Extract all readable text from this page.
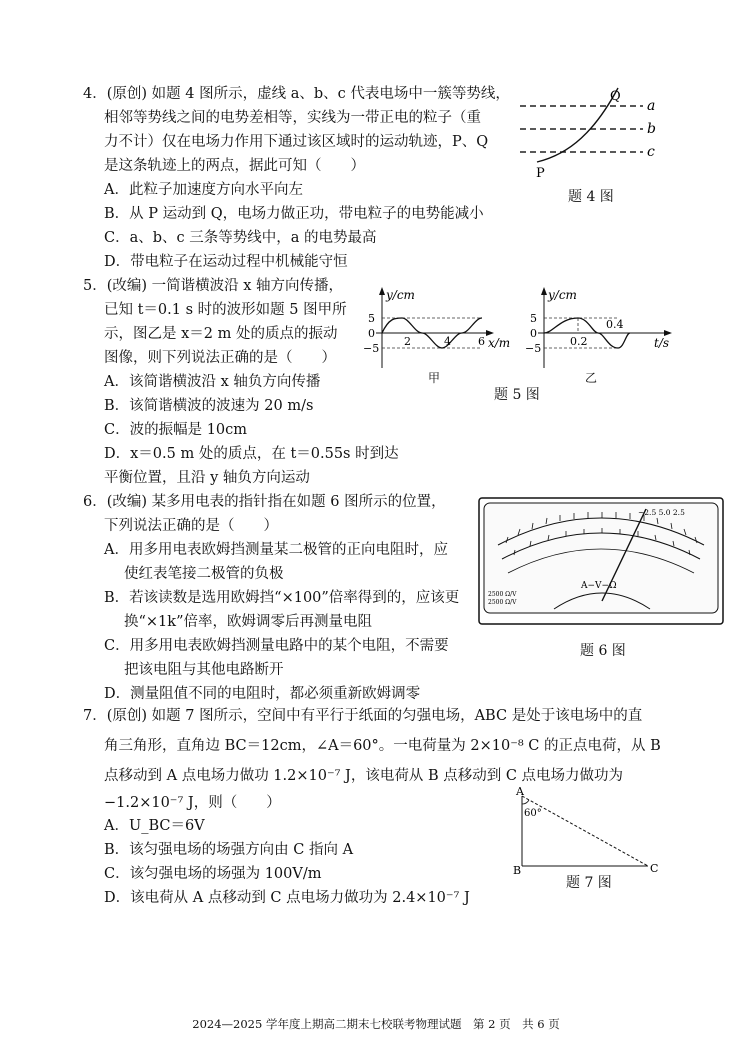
4．(原创) 如题 4 图所示，虚线 a、b、c 代表电场中一簇等势线，
相邻等势线之间的电势差相等，实线为一带正电的粒子（重
力不计）仅在电场力作用下通过该区域时的运动轨迹，P、Q
是这条轨迹上的两点，据此可知（　　）
A．此粒子加速度方向水平向左
B．从 P 运动到 Q，电场力做正功，带电粒子的电势能减小
C．a、b、c 三条等势线中，a 的电势最高
D．带电粒子在运动过程中机械能守恒
a
b
c
Q
P
题 4 图
5．(改编) 一简谐横波沿 x 轴方向传播，
已知 t＝0.1 s 时的波形如题 5 图甲所
示，图乙是 x＝2 m 处的质点的振动
图像，则下列说法正确的是（　　）
A．该简谐横波沿 x 轴负方向传播
B．该简谐横波的波速为 20 m/s
C．波的振幅是 10cm
D．x＝0.5 m 处的质点，在 t＝0.55s 时到达
平衡位置，且沿 y 轴负方向运动
y/cm
5
0
−5
2	4 6 x/m
甲
y/cm
5
0
−5
0.2
0.4
t/s
乙
题 5 图
6．(改编) 某多用电表的指针指在如题 6 图所示的位置，
下列说法正确的是（　　）
A．用多用电表欧姆挡测量某二极管的正向电阻时，应
使红表笔接二极管的负极
B．若该读数是选用欧姆挡“×100”倍率得到的，应该更
换“×1k”倍率，欧姆调零后再测量电阻
C．用多用电表欧姆挡测量电路中的某个电阻，不需要
把该电阻与其他电路断开
D．测量阻值不同的电阻时，都必须重新欧姆调零
A−V−Ω
~2.5 5.0 2.5
2500 Ω/V
2500 Ω/V
题 6 图
7．(原创) 如题 7 图所示，空间中有平行于纸面的匀强电场，ABC 是处于该电场中的直
角三角形，直角边 BC＝12cm，∠A＝60°。一电荷量为 2×10⁻⁸ C 的正点电荷，从 B
点移动到 A 点电场力做功 1.2×10⁻⁷ J，该电荷从 B 点移动到 C 点电场力做功为
−1.2×10⁻⁷ J，则（　　）
A．U_BC＝6V
B．该匀强电场的场强方向由 C 指向 A
C．该匀强电场的场强为 100V/m
D．该电荷从 A 点移动到 C 点电场力做功为 2.4×10⁻⁷ J
A
B	C
60°
题 7 图
2024—2025 学年度上期高二期末七校联考物理试题　第 2 页　共 6 页
